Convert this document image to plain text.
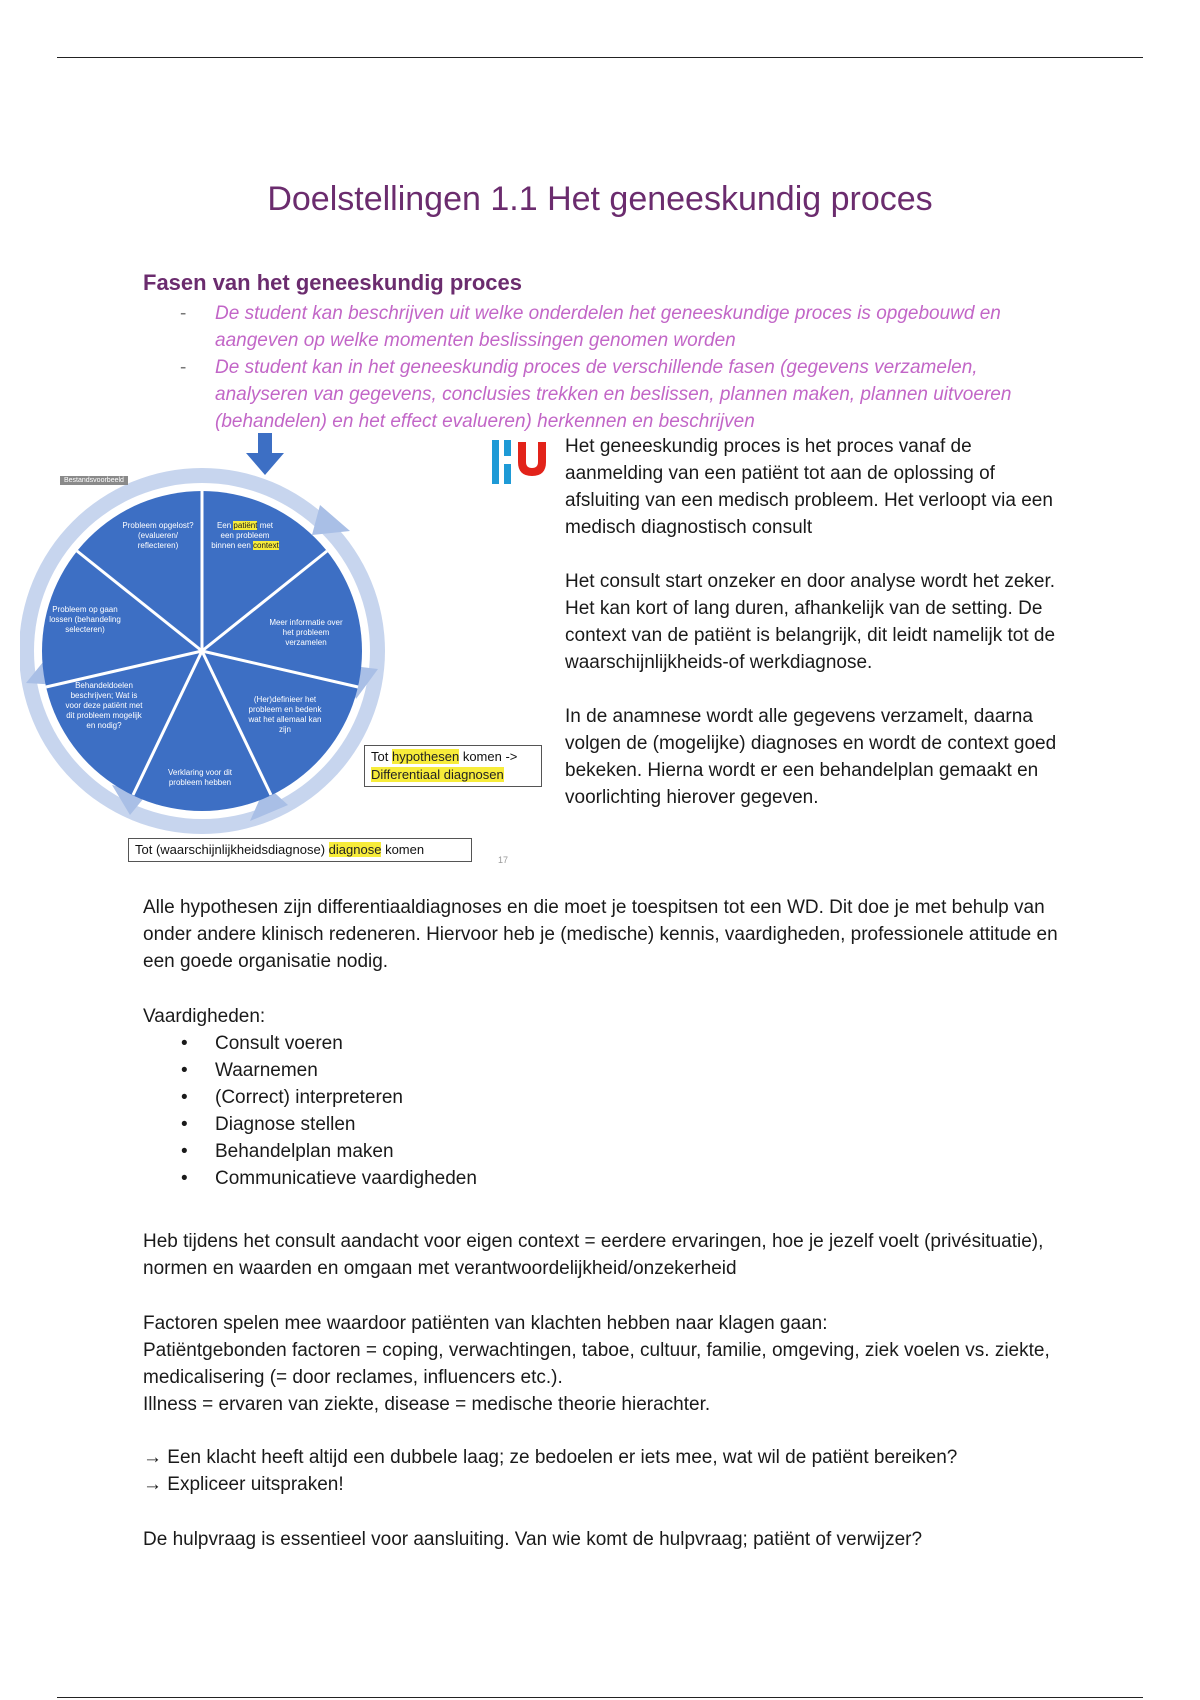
Doelstellingen 1.1 Het geneeskundig proces
Fasen van het geneeskundig proces
- De student kan beschrijven uit welke onderdelen het geneeskundige proces is opgebouwd en aangeven op welke momenten beslissingen genomen worden
- De student kan in het geneeskundig proces de verschillende fasen (gegevens verzamelen, analyseren van gegevens, conclusies trekken en beslissen, plannen maken, plannen uitvoeren (behandelen) en het effect evalueren) herkennen en beschrijven
Bestandsvoorbeeld
Een patiënt met een probleem binnen een context
Meer informatie over het probleem verzamelen
(Her)definieer het probleem en bedenk wat het allemaal kan zijn
Verklaring voor dit probleem hebben
Behandeldoelen beschrijven; Wat is voor deze patiënt met dit probleem mogelijk en nodig?
Probleem op gaan lossen (behandeling selecteren)
Probleem opgelost? (evalueren/ reflecteren)
Tot hypothesen komen ->
Differentiaal diagnosen
Tot (waarschijnlijkheidsdiagnose) diagnose komen
17

Het geneeskundig proces is het proces vanaf de aanmelding van een patiënt tot aan de oplossing of afsluiting van een medisch probleem. Het verloopt via een medisch diagnostisch consult

Het consult start onzeker en door analyse wordt het zeker. Het kan kort of lang duren, afhankelijk van de setting. De context van de patiënt is belangrijk, dit leidt namelijk tot de waarschijnlijkheids-of werkdiagnose.

In de anamnese wordt alle gegevens verzamelt, daarna volgen de (mogelijke) diagnoses en wordt de context goed bekeken. Hierna wordt er een behandelplan gemaakt en voorlichting hierover gegeven.

Alle hypothesen zijn differentiaaldiagnoses en die moet je toespitsen tot een WD. Dit doe je met behulp van onder andere klinisch redeneren. Hiervoor heb je (medische) kennis, vaardigheden, professionele attitude en een goede organisatie nodig.

Vaardigheden:

• Consult voeren
• Waarnemen
• (Correct) interpreteren
• Diagnose stellen
• Behandelplan maken
• Communicatieve vaardigheden

Heb tijdens het consult aandacht voor eigen context = eerdere ervaringen, hoe je jezelf voelt (privésituatie), normen en waarden en omgaan met verantwoordelijkheid/onzekerheid

Factoren spelen mee waardoor patiënten van klachten hebben naar klagen gaan:

Patiëntgebonden factoren = coping, verwachtingen, taboe, cultuur, familie, omgeving, ziek voelen vs. ziekte, medicalisering (= door reclames, influencers etc.).

Illness = ervaren van ziekte, disease = medische theorie hierachter.

→ Een klacht heeft altijd een dubbele laag; ze bedoelen er iets mee, wat wil de patiënt bereiken?

→ Expliceer uitspraken!

De hulpvraag is essentieel voor aansluiting. Van wie komt de hulpvraag; patiënt of verwijzer?
